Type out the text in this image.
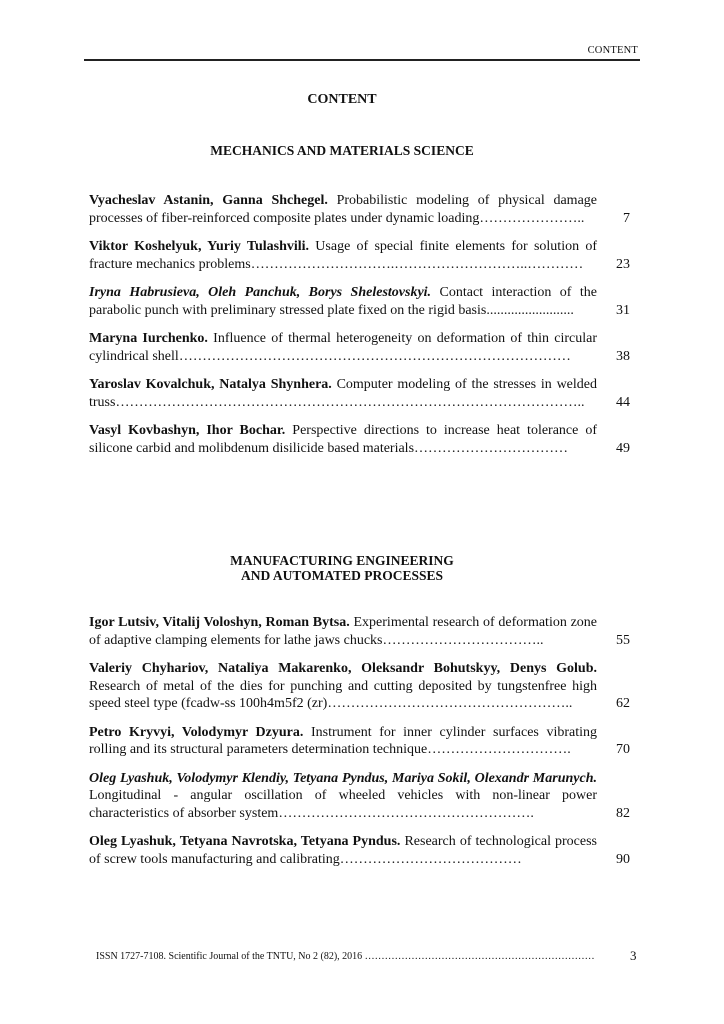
CONTENT
CONTENT
MECHANICS AND MATERIALS SCIENCE
Vyacheslav Astanin, Ganna Shchegel. Probabilistic modeling of physical damage processes of fiber-reinforced composite plates under dynamic loading…………………..	7
Viktor Koshelyuk, Yuriy Tulashvili. Usage of special finite elements for solution of fracture mechanics problems………………………….………………………..…………	23
Iryna Habrusieva, Oleh Panchuk, Borys Shelestovskyi. Contact interaction of the parabolic punch with preliminary stressed plate fixed on the rigid basis.........................	31
Maryna Iurchenko. Influence of thermal heterogeneity on deformation of thin circular cylindrical shell…………………………………………………………………………	38
Yaroslav Kovalchuk, Natalya Shynhera. Computer modeling of the stresses in welded truss………………………………………………………………………………………..	44
Vasyl Kovbashyn, Ihor Bochar. Perspective directions to increase heat tolerance of silicone carbid and molibdenum disilicide based materials……………………………	49
MANUFACTURING ENGINEERING
AND AUTOMATED PROCESSES
Igor Lutsiv, Vitalij Voloshyn, Roman Bytsa. Experimental research of deformation zone of adaptive clamping elements for lathe jaws chucks……………………………..	55
Valeriy Chyhariov, Nataliya Makarenko, Oleksandr Bohutskyy, Denys Golub. Research of metal of the dies for punching and cutting deposited by tungstenfree high speed steel type (fcadw-ss 100h4m5f2 (zr)……………………………………………..	62
Petro Kryvyi, Volodymyr Dzyura. Instrument for inner cylinder surfaces vibrating rolling and its structural parameters determination technique………………………….	70
Oleg Lyashuk, Volodymyr Klendiy, Tetyana Pyndus, Mariya Sokil, Olexandr Marunych. Longitudinal - angular oscillation of wheeled vehicles with non-linear power characteristics of absorber system……………………………………………….	82
Oleg Lyashuk, Tetyana Navrotska, Tetyana Pyndus. Research of technological process of screw tools manufacturing and calibrating…………………………………	90
ISSN 1727-7108. Scientific Journal of the TNTU, No 2 (82), 2016 ……………………………………………………………	3
